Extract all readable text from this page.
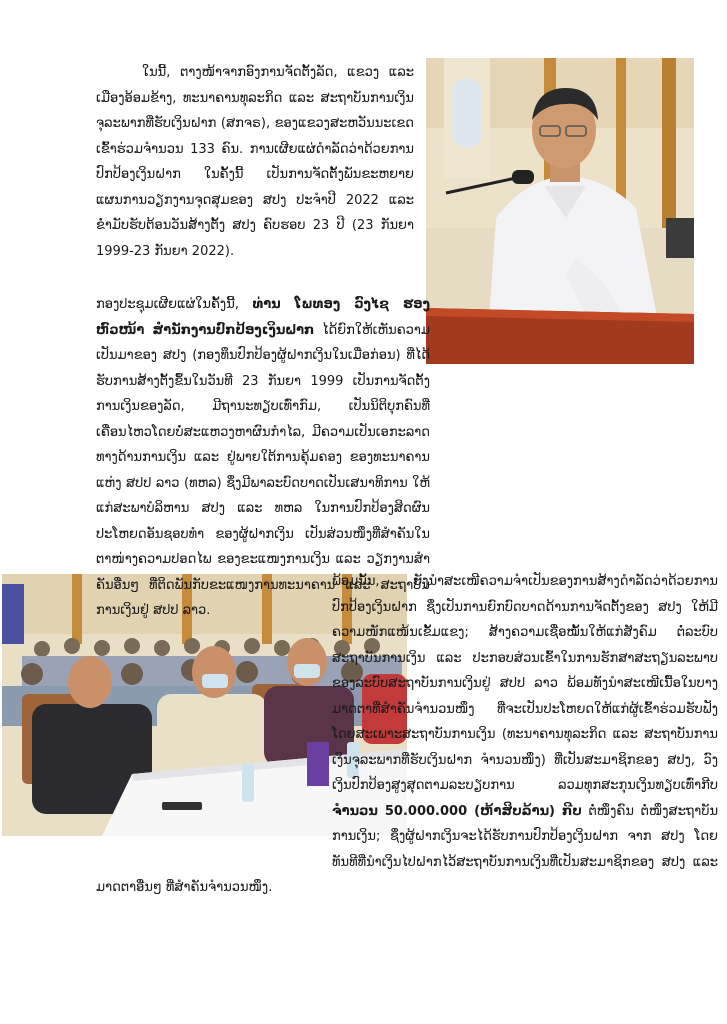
ໃນນີ້, ຕາງໜ້າຈາກອົງການຈັດຕັ້ງລັດ, ແຂວງ ແລະ ເມືອງອ້ອມຂ້າງ, ທະນາຄານທຸລະກິດ ແລະ ສະຖາບັນການເງິນຈຸລະພາກທີ່ຮັບເງິນຝາກ (ສກຈຣ), ຂອງແຂວງສະຫວັນນະເຂດ ເຂົ້າຮ່ວມຈຳນວນ 133 ຄົນ. ການເຜີຍແຜ່ດຳລັດວ່າດ້ວຍການປົກປ້ອງເງິນຝາກ ໃນຄັ້ງນີ້ ເປັນການຈັດຕັ້ງພັນຂະຫຍາຍແຜນການວຽກງານຈຸດສຸມຂອງ ສປງ ປະຈຳປີ 2022 ແລະ ຂ່ຳມັບຮັບຕ້ອນວັນສ້າງຕັ້ງ ສປງ ຄົບຮອບ 23 ປີ (23 ກັນຍາ 1999-23 ກັນຍາ 2022).

ກອງປະຊຸມເຜີຍແຜ່ໃນຄັ້ງນີ້, ທ່ານ ໂພທອງ ວົງໄຊ ຮອງຫົວໜ້າ ສຳນັກງານປົກປ້ອງເງິນຝາກ ໄດ້ຍົກໃຫ້ເຫັນຄວາມເປັນມາຂອງ ສປງ (ກອງທຶນປົກປ້ອງຜູ້ຝາກເງິນໃນເມື່ອກ່ອນ) ທີ່ໄດ້ຮັບການສ້າງຕັ້ງຂຶ້ນໃນວັນທີ 23 ກັນຍາ 1999 ເປັນການຈັດຕັ້ງການເງິນຂອງລັດ, ມີຖານະທຽບເທົ່າກົມ, ເປັນນິຕິບຸກຄົນທີ່ເຄື່ອນໄຫວໂດຍບໍ່ສະແຫວງຫາຜົນກຳໄລ, ມີຄວາມເປັນເອກະລາດທາງດ້ານການເງິນ ແລະ ຢູ່ພາຍໃຕ້ການຄຸ້ມຄອງ ຂອງທະນາຄານແຫ່ງ ສປປ ລາວ (ທຫລ) ຊຶ່ງມີພາລະບົດບາດເປັນເສນາທິການ ໃຫ້ແກ່ສະພາບໍລິຫານ ສປງ ແລະ ທຫລ ໃນການປົກປ້ອງສິດຜົນປະໂຫຍດອັນຊອບທຳ ຂອງຜູ້ຝາກເງິນ ເປັນສ່ວນໜຶ່ງທີ່ສຳຄັນໃນຕາໜ່າງຄວາມປອດໄພ ຂອງຂະແໜງການເງິນ ແລະ ວຽກງານສຳຄັນອື່ນໆ ທີ່ຕິດພັນກັບຂະແໜງການທະນາຄານ ແລະ ສະຖາບັນການເງິນຢູ່ ສປປ ລາວ.

ພ້ອມນັ້ນ, ຍັງນຳສະເໜີຄວາມຈຳເປັນຂອງການສ້າງດຳລັດວ່າດ້ວຍການປົກປ້ອງເງິນຝາກ ຊຶ່ງເປັນການຍົກບົດບາດດ້ານການຈັດຕັ້ງຂອງ ສປງ ໃຫ້ມີຄວາມໜັກແໜ້ນເຂັ້ມແຂງ; ສ້າງຄວາມເຊື່ອໝັ້ນໃຫ້ແກ່ສັງຄົມ ຕໍ່ລະບົບສະຖາບັນການເງິນ ແລະ ປະກອບສ່ວນເຂົ້າໃນການຮັກສາສະຖຽນລະພາບ ຂອງລະບົບສະຖາບັນການເງິນຢູ່ ສປປ ລາວ ພ້ອມທັງນຳສະເໜີເນື້ອໃນບາງມາດຕາທີ່ສຳຄັນຈຳນວນໜຶ່ງ ທີ່ຈະເປັນປະໂຫຍດໃຫ້ແກ່ຜູ້ເຂົ້າຮ່ວມຮັບຟັງ ໂດຍສະເພາະສະຖາບັນການເງິນ (ທະນາຄານທຸລະກິດ ແລະ ສະຖາບັນການເງິນຈຸລະພາກທີ່ຮັບເງິນຝາກ ຈຳນວນໜຶ່ງ) ທີ່ເປັນສະມາຊິກຂອງ ສປງ, ວົງເງິນປົກປ້ອງສູງສຸດຕາມລະບຽບການ ລວມທຸກສະກຸນເງິນທຽບເທົ່າກີບ ຈຳນວນ 50.000.000 (ຫ້າສິບລ້ານ) ກີບ ຕໍ່ໜຶ່ງຄົນ ຕໍ່ໜຶ່ງສະຖາບັນການເງິນ; ຊຶ່ງຜູ້ຝາກເງິນຈະໄດ້ຮັບການປົກປ້ອງເງິນຝາກ ຈາກ ສປງ ໂດຍທັນທີທີ່ນຳເງິນໄປຝາກໄວ້ສະຖາບັນການເງິນທີ່ເປັນສະມາຊິກຂອງ ສປງ ແລະ ມາດຕາອື່ນໆ ທີ່ສຳຄັນຈຳນວນໜຶ່ງ.
